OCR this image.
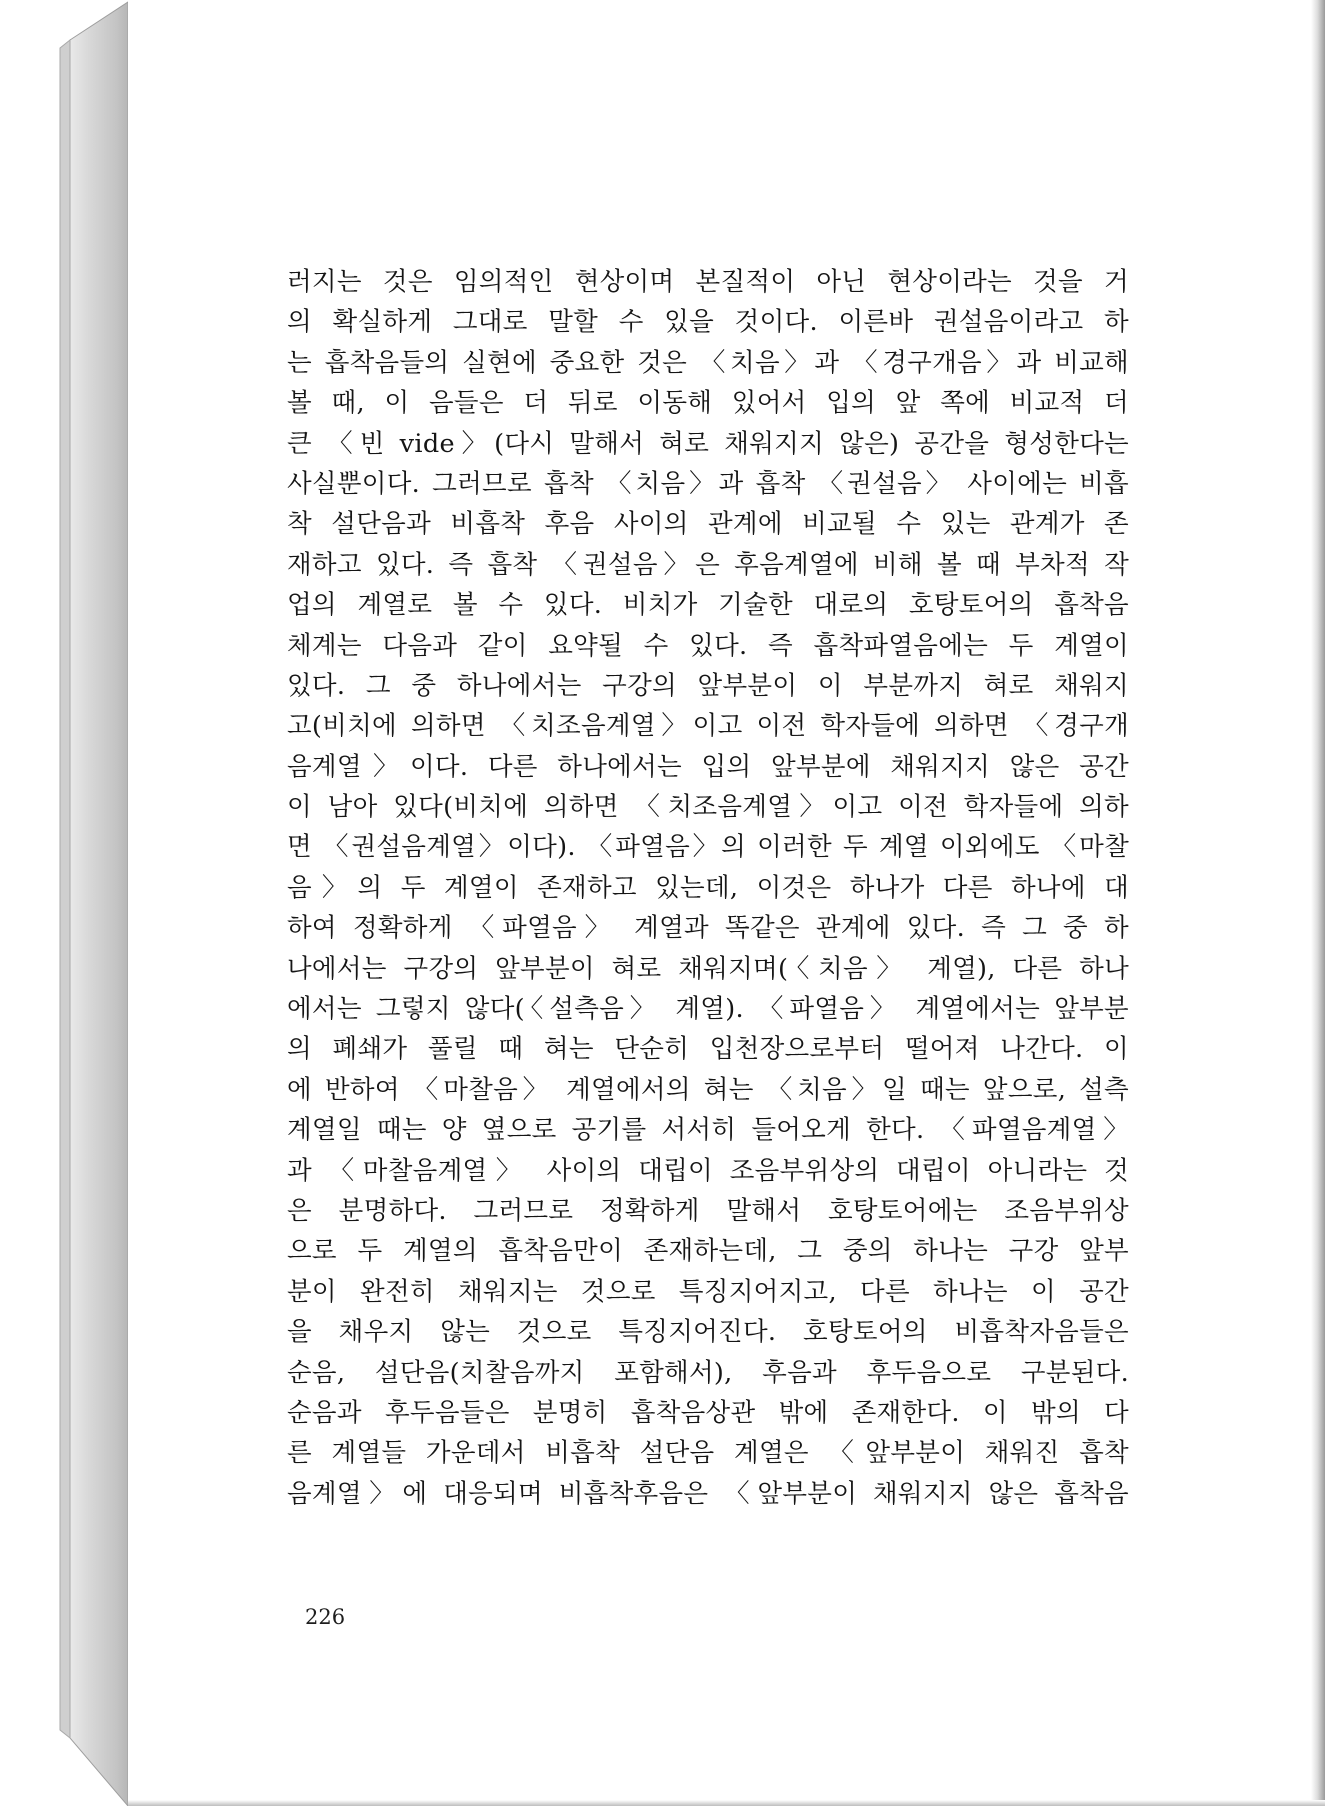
러지는 것은 임의적인 현상이며 본질적이 아닌 현상이라는 것을 거
의 확실하게 그대로 말할 수 있을 것이다. 이른바 권설음이라고 하
는 흡착음들의 실현에 중요한 것은 〈치음〉과 〈경구개음〉과 비교해
볼 때, 이 음들은 더 뒤로 이동해 있어서 입의 앞 쪽에 비교적 더
큰 〈빈 vide〉(다시 말해서 혀로 채워지지 않은) 공간을 형성한다는
사실뿐이다. 그러므로 흡착 〈치음〉과 흡착 〈권설음〉 사이에는 비흡
착 설단음과 비흡착 후음 사이의 관계에 비교될 수 있는 관계가 존
재하고 있다. 즉 흡착 〈권설음〉은 후음계열에 비해 볼 때 부차적 작
업의 계열로 볼 수 있다. 비치가 기술한 대로의 호탕토어의 흡착음
체계는 다음과 같이 요약될 수 있다. 즉 흡착파열음에는 두 계열이
있다. 그 중 하나에서는 구강의 앞부분이 이 부분까지 혀로 채워지
고(비치에 의하면 〈치조음계열〉이고 이전 학자들에 의하면 〈경구개
음계열〉이다. 다른 하나에서는 입의 앞부분에 채워지지 않은 공간
이 남아 있다(비치에 의하면 〈치조음계열〉이고 이전 학자들에 의하
면 〈권설음계열〉이다). 〈파열음〉의 이러한 두 계열 이외에도 〈마찰
음〉의 두 계열이 존재하고 있는데, 이것은 하나가 다른 하나에 대
하여 정확하게 〈파열음〉 계열과 똑같은 관계에 있다. 즉 그 중 하
나에서는 구강의 앞부분이 혀로 채워지며(〈치음〉 계열), 다른 하나
에서는 그렇지 않다(〈설측음〉 계열). 〈파열음〉 계열에서는 앞부분
의 폐쇄가 풀릴 때 혀는 단순히 입천장으로부터 떨어져 나간다. 이
에 반하여 〈마찰음〉 계열에서의 혀는 〈치음〉일 때는 앞으로, 설측
계열일 때는 양 옆으로 공기를 서서히 들어오게 한다. 〈파열음계열〉
과 〈마찰음계열〉 사이의 대립이 조음부위상의 대립이 아니라는 것
은 분명하다. 그러므로 정확하게 말해서 호탕토어에는 조음부위상
으로 두 계열의 흡착음만이 존재하는데, 그 중의 하나는 구강 앞부
분이 완전히 채워지는 것으로 특징지어지고, 다른 하나는 이 공간
을 채우지 않는 것으로 특징지어진다. 호탕토어의 비흡착자음들은
순음, 설단음(치찰음까지 포함해서), 후음과 후두음으로 구분된다.
순음과 후두음들은 분명히 흡착음상관 밖에 존재한다. 이 밖의 다
른 계열들 가운데서 비흡착 설단음 계열은 〈앞부분이 채워진 흡착
음계열〉에 대응되며 비흡착후음은 〈앞부분이 채워지지 않은 흡착음
226
